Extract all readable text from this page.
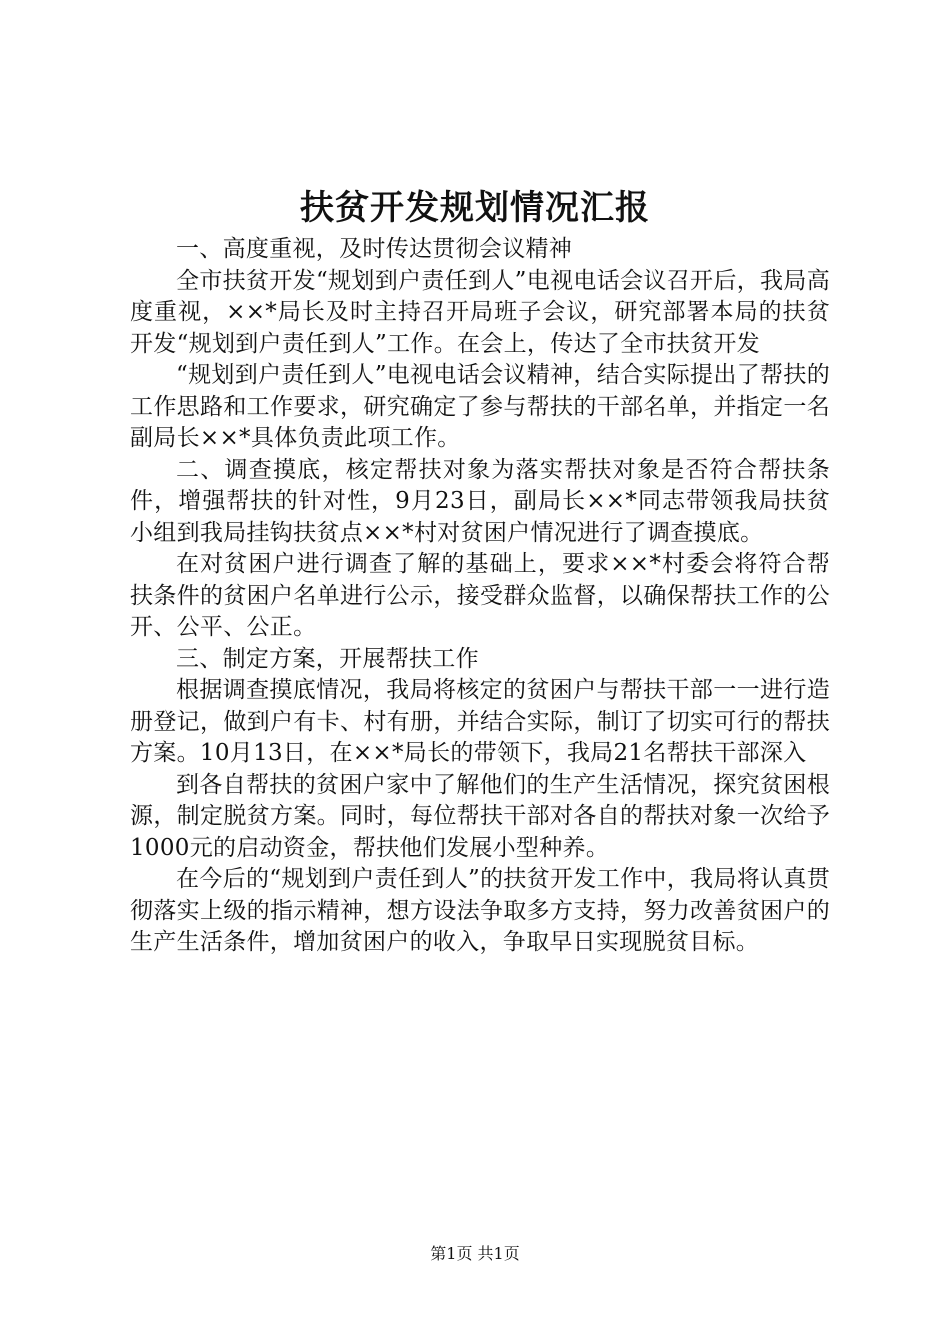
扶贫开发规划情况汇报

一、高度重视，及时传达贯彻会议精神

全市扶贫开发“规划到户责任到人”电视电话会议召开后，我局高度重视，××*局长及时主持召开局班子会议，研究部署本局的扶贫开发“规划到户责任到人”工作。在会上，传达了全市扶贫开发

“规划到户责任到人”电视电话会议精神，结合实际提出了帮扶的工作思路和工作要求，研究确定了参与帮扶的干部名单，并指定一名副局长××*具体负责此项工作。

二、调查摸底，核定帮扶对象为落实帮扶对象是否符合帮扶条件，增强帮扶的针对性，9月23日，副局长××*同志带领我局扶贫小组到我局挂钩扶贫点××*村对贫困户情况进行了调查摸底。

在对贫困户进行调查了解的基础上，要求××*村委会将符合帮扶条件的贫困户名单进行公示，接受群众监督，以确保帮扶工作的公开、公平、公正。

三、制定方案，开展帮扶工作

根据调查摸底情况，我局将核定的贫困户与帮扶干部一一进行造册登记，做到户有卡、村有册，并结合实际，制订了切实可行的帮扶方案。10月13日，在××*局长的带领下，我局21名帮扶干部深入

到各自帮扶的贫困户家中了解他们的生产生活情况，探究贫困根源，制定脱贫方案。同时，每位帮扶干部对各自的帮扶对象一次给予1000元的启动资金，帮扶他们发展小型种养。

在今后的“规划到户责任到人”的扶贫开发工作中，我局将认真贯彻落实上级的指示精神，想方设法争取多方支持，努力改善贫困户的生产生活条件，增加贫困户的收入，争取早日实现脱贫目标。

第1页 共1页
